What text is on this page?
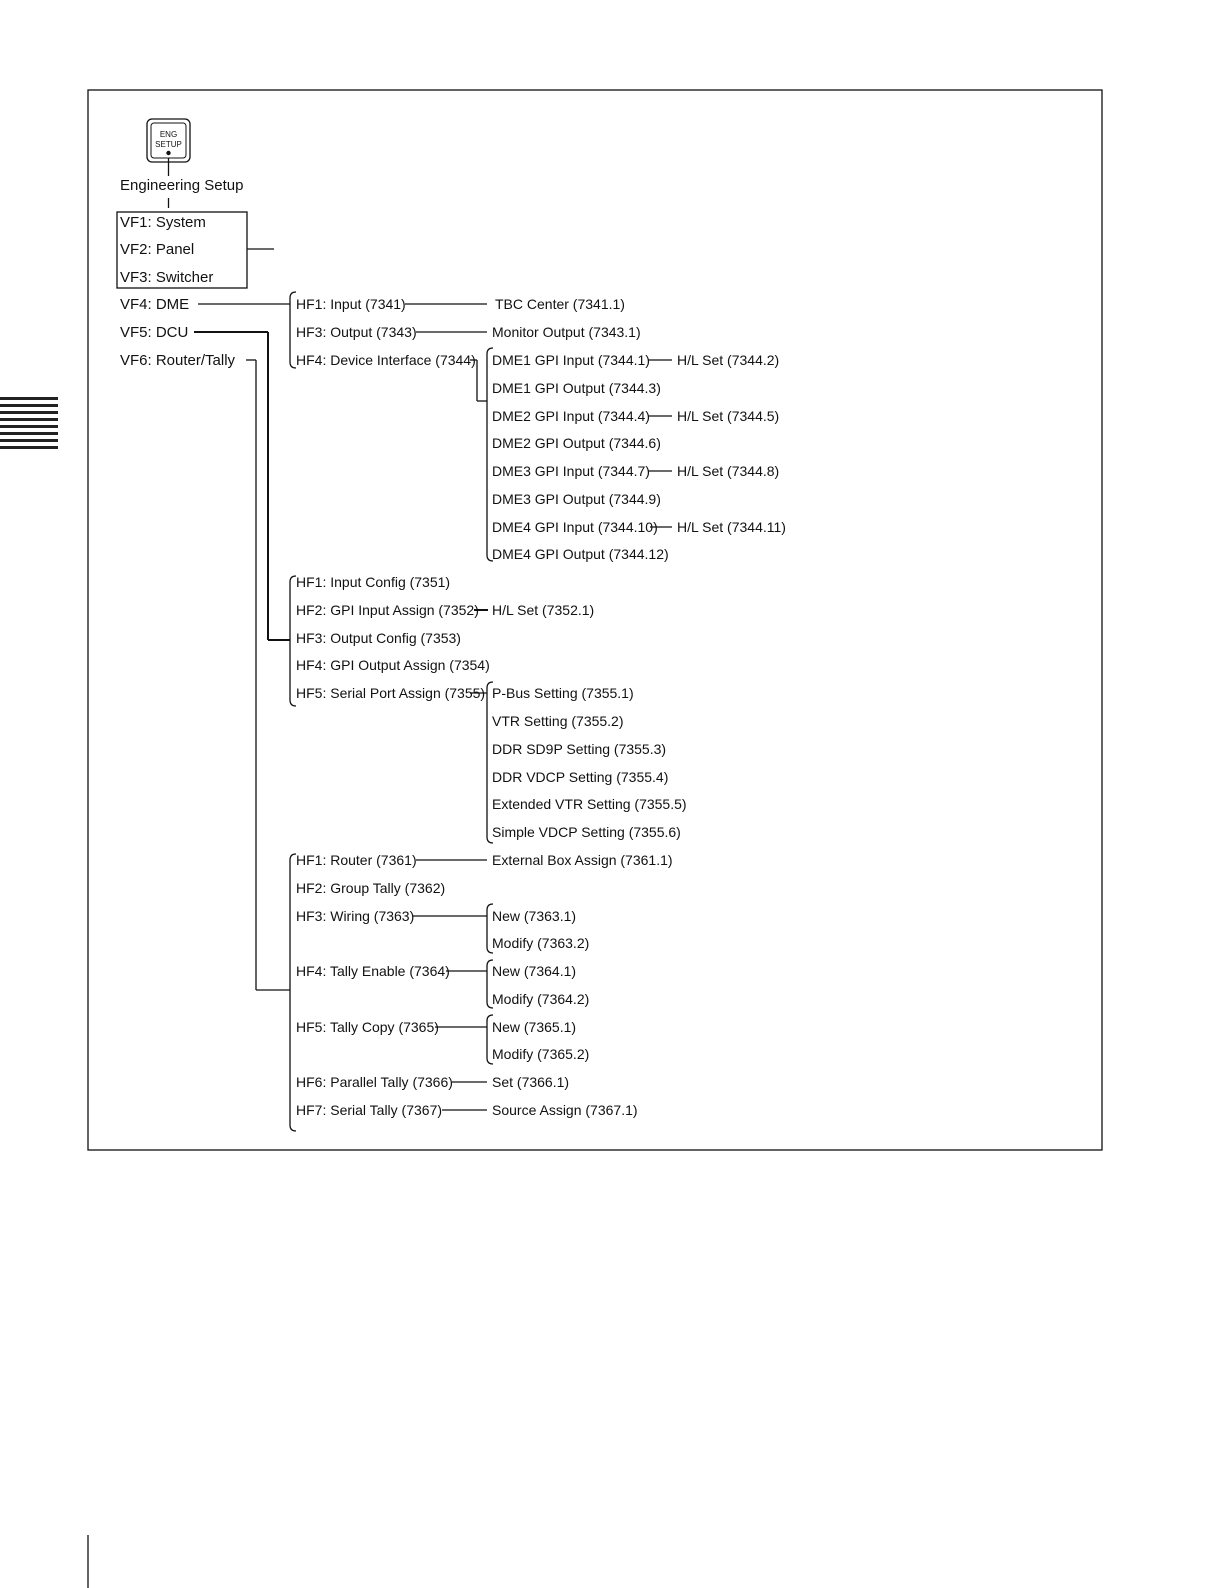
ENG
SETUP
Engineering Setup
VF1: System
VF2: Panel
VF3: Switcher
VF4: DME
VF5: DCU
VF6: Router/Tally
HF1: Input (7341)	TBC Center (7341.1)
HF3: Output (7343)	Monitor Output (7343.1)
HF4: Device Interface (7344) DME1 GPI Input (7344.1)
DME1 GPI Output (7344.3)
DME2 GPI Input (7344.4)
DME2 GPI Output (7344.6)
DME3 GPI Input (7344.7)
DME3 GPI Output (7344.9)
DME4 GPI Input (7344.10)
DME4 GPI Output (7344.12)
H/L Set (7344.2)
H/L Set (7344.5)
H/L Set (7344.8)
H/L Set (7344.11)
HF1: Input Config (7351)
HF2: GPI Input Assign (7352) H/L Set (7352.1)
HF3: Output Config (7353)
HF4: GPI Output Assign (7354)
HF5: Serial Port Assign (7355) P-Bus Setting (7355.1)
VTR Setting (7355.2)
DDR SD9P Setting (7355.3)
DDR VDCP Setting (7355.4)
Extended VTR Setting (7355.5)
Simple VDCP Setting (7355.6)
HF1: Router (7361)	External Box Assign (7361.1)
HF2: Group Tally (7362)
HF3: Wiring (7363)	New (7363.1)
Modify (7363.2)
HF4: Tally Enable (7364)	New (7364.1)
Modify (7364.2)
HF5: Tally Copy (7365)	New (7365.1)
Modify (7365.2)
HF6: Parallel Tally (7366)	Set (7366.1)
HF7: Serial Tally (7367)	Source Assign (7367.1)
